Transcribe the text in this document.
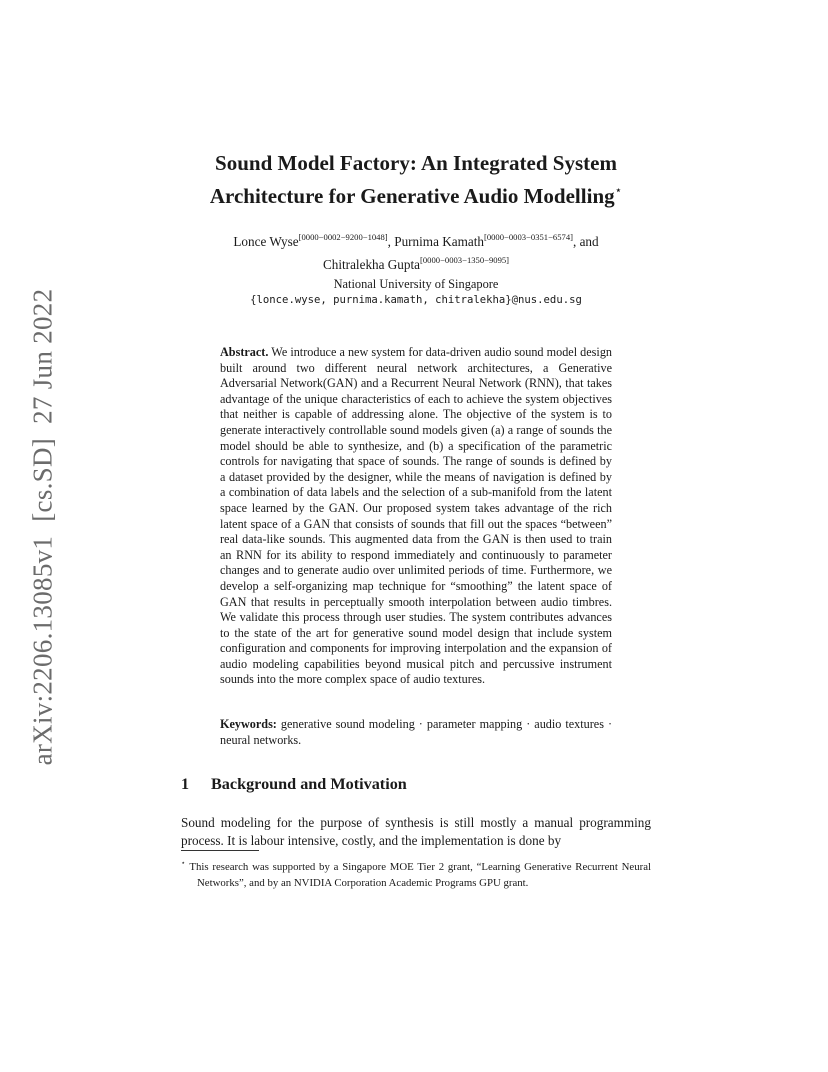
arXiv:2206.13085v1[cs.SD]27 Jun 2022
Sound Model Factory: An Integrated System
Architecture for Generative Audio Modelling⋆
Lonce Wyse[0000−0002−9200−1048], Purnima Kamath[0000−0003−0351−6574], and
Chitralekha Gupta[0000−0003−1350−9095]
National University of Singapore
{lonce.wyse, purnima.kamath, chitralekha}@nus.edu.sg
Abstract. We introduce a new system for data-driven audio sound model design built around two different neural network architectures, a Generative Adversarial Network(GAN) and a Recurrent Neural Network (RNN), that takes advantage of the unique characteristics of each to achieve the system objectives that neither is capable of addressing alone. The objective of the system is to generate interactively controllable sound models given (a) a range of sounds the model should be able to synthesize, and (b) a specification of the parametric controls for navigating that space of sounds. The range of sounds is defined by a dataset provided by the designer, while the means of navigation is defined by a combination of data labels and the selection of a sub-manifold from the latent space learned by the GAN. Our proposed system takes advantage of the rich latent space of a GAN that consists of sounds that fill out the spaces “between” real data-like sounds. This augmented data from the GAN is then used to train an RNN for its ability to respond immediately and continuously to parameter changes and to generate audio over unlimited periods of time. Furthermore, we develop a self-organizing map technique for “smoothing” the latent space of GAN that results in perceptually smooth interpolation between audio timbres. We validate this process through user studies. The system contributes advances to the state of the art for generative sound model design that include system configuration and components for improving interpolation and the expansion of audio modeling capabilities beyond musical pitch and percussive instrument sounds into the more complex space of audio textures.
Keywords: generative sound modeling · parameter mapping · audio textures · neural networks.
1 Background and Motivation
Sound modeling for the purpose of synthesis is still mostly a manual programming process. It is labour intensive, costly, and the implementation is done by
⋆ This research was supported by a Singapore MOE Tier 2 grant, “Learning Generative Recurrent Neural Networks”, and by an NVIDIA Corporation Academic Programs GPU grant.
